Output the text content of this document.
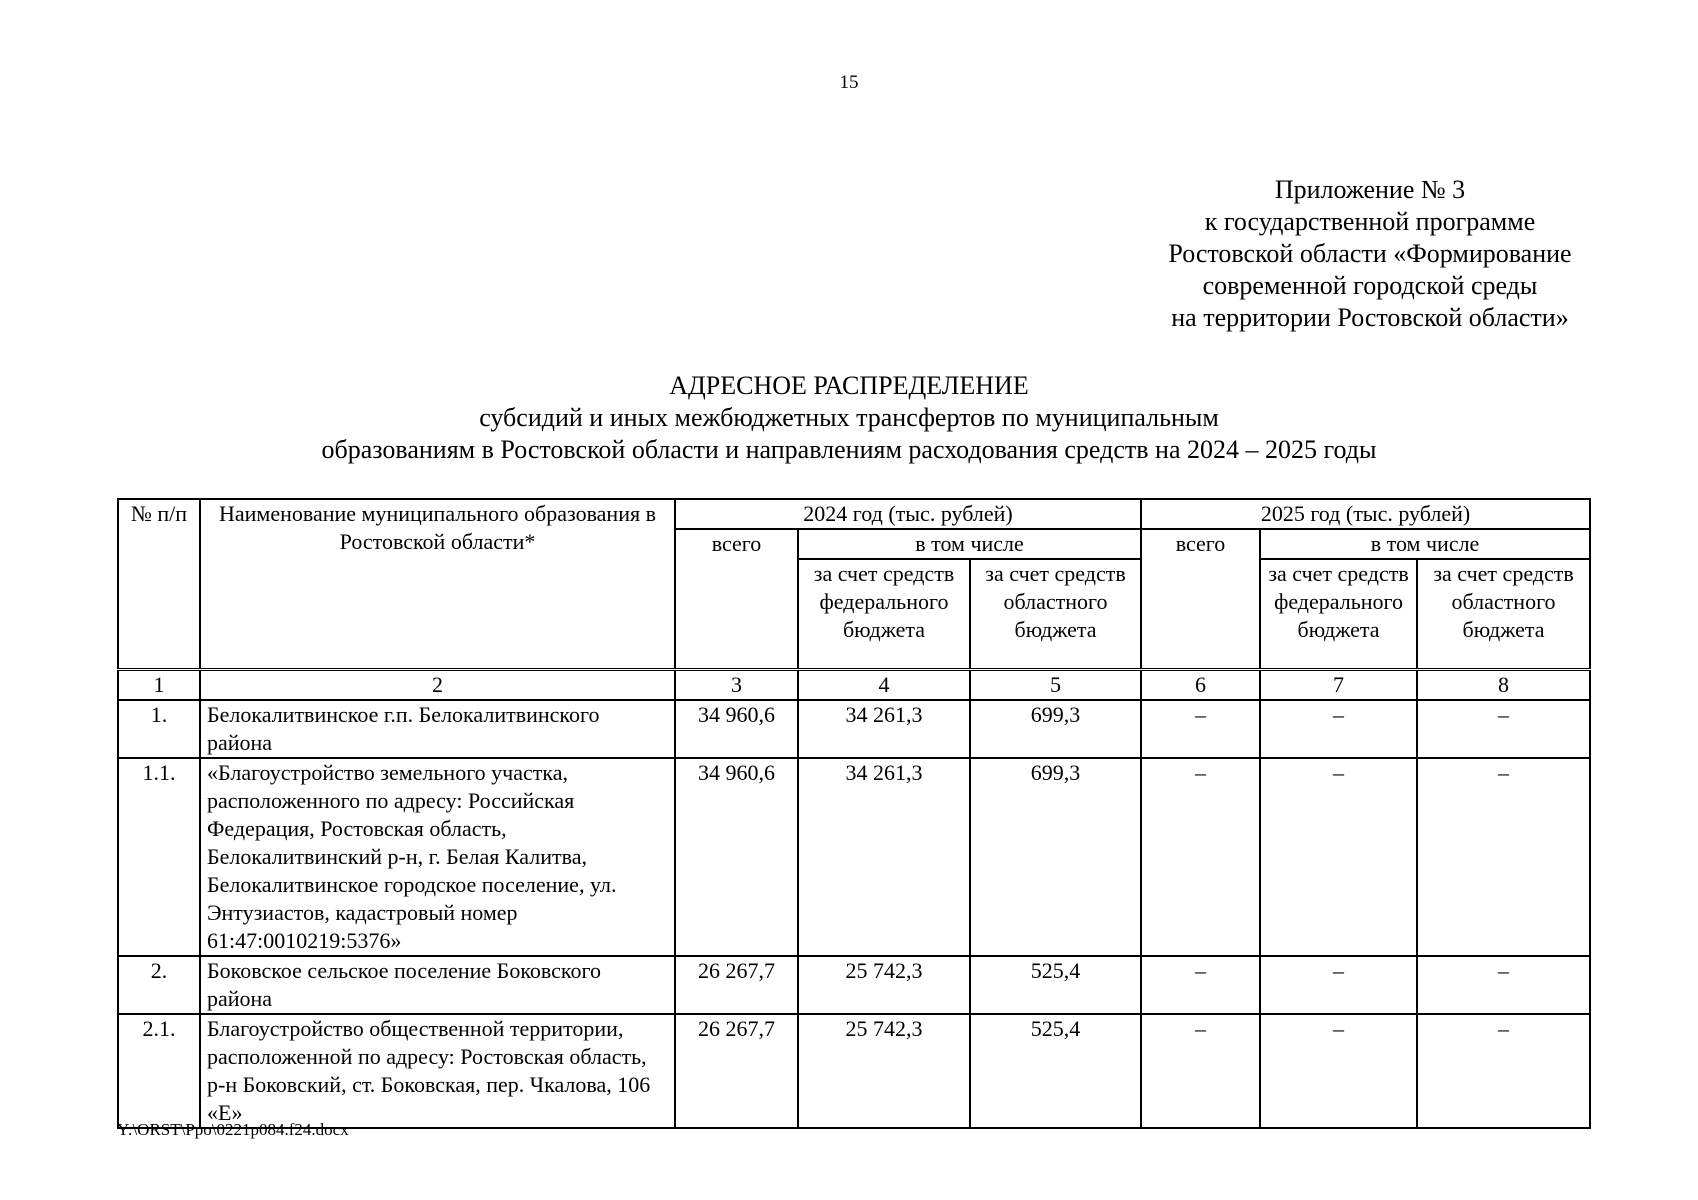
15
Приложение № 3
к государственной программе
Ростовской области «Формирование
современной городской среды
на территории Ростовской области»
АДРЕСНОЕ РАСПРЕДЕЛЕНИЕ
субсидий и иных межбюджетных трансфертов по муниципальным
образованиям в Ростовской области и направлениям расходования средств на 2024 – 2025 годы
№ п/п	Наименование муниципального образования в Ростовской области*	2024 год (тыс. рублей)			2025 год (тыс. рублей)		
		всего	в том числе		всего	в том числе	
			за счет средств федерального бюджета	за счет средств областного бюджета		за счет средств федерального бюджета	за счет средств областного бюджета
1	2	3	4	5	6	7	8
1.	Белокалитвинское г.п. Белокалитвинского района	34 960,6	34 261,3	699,3	–	–	–
1.1.	«Благоустройство земельного участка, расположенного по адресу: Российская Федерация, Ростовская область, Белокалитвинский р-н, г. Белая Калитва, Белокалитвинское городское поселение, ул. Энтузиастов, кадастровый номер 61:47:0010219:5376»	34 960,6	34 261,3	699,3	–	–	–
2.	Боковское сельское поселение Боковского района	26 267,7	25 742,3	525,4	–	–	–
2.1.	Благоустройство общественной территории, расположенной по адресу: Ростовская область, р-н Боковский, ст. Боковская, пер. Чкалова, 106 «Е»	26 267,7	25 742,3	525,4	–	–	–
Y:\ORST\Ppo\0221p084.f24.docx
